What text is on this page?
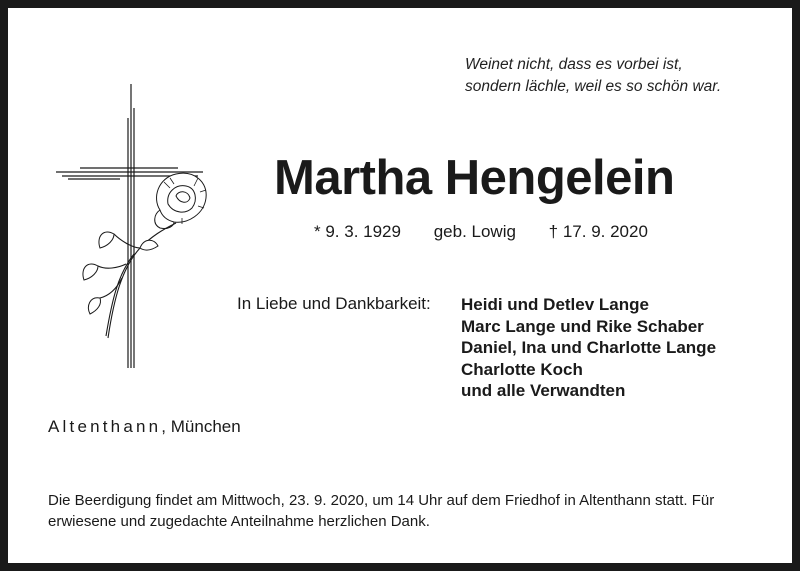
Weinet nicht, dass es vorbei ist,
sondern lächle, weil es so schön war.
Martha Hengelein
* 9. 3. 1929 geb. Lowig † 17. 9. 2020
In Liebe und Dankbarkeit: Heidi und Detlev Lange
Marc Lange und Rike Schaber
Daniel, Ina und Charlotte Lange
Charlotte Koch
und alle Verwandten
Altenthann, München
Die Beerdigung findet am Mittwoch, 23. 9. 2020, um 14 Uhr auf dem Friedhof in Altenthann statt. Für erwiesene und zugedachte Anteilnahme herzlichen Dank.
